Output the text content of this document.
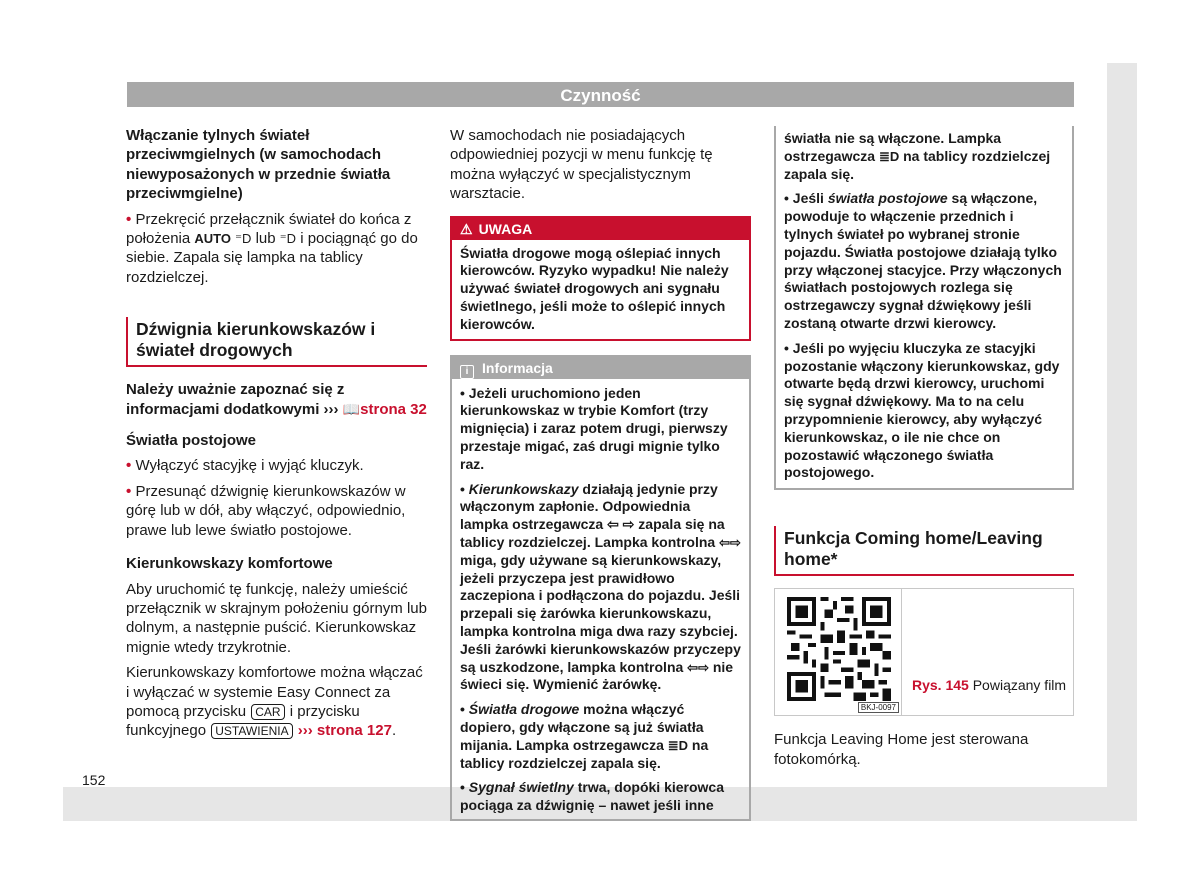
Czynność

Włączanie tylnych świateł przeciwmgielnych (w samochodach niewyposażonych w przednie światła przeciwmgielne)

• Przekręcić przełącznik świateł do końca z położenia AUTO ⁼D lub ⁼D i pociągnąć go do siebie. Zapala się lampka na tablicy rozdzielczej.

Dźwignia kierunkowskazów i świateł drogowych

Należy uważnie zapoznać się z informacjami dodatkowymi ››› 📖strona 32

Światła postojowe

• Wyłączyć stacyjkę i wyjąć kluczyk.

• Przesunąć dźwignię kierunkowskazów w górę lub w dół, aby włączyć, odpowiednio, prawe lub lewe światło postojowe.

Kierunkowskazy komfortowe

Aby uruchomić tę funkcję, należy umieścić przełącznik w skrajnym położeniu górnym lub dolnym, a następnie puścić. Kierunkowskaz mignie wtedy trzykrotnie.

Kierunkowskazy komfortowe można włączać i wyłączać w systemie Easy Connect za pomocą przycisku CAR i przycisku funkcyjnego USTAWIENIA ››› strona 127.

W samochodach nie posiadających odpowiedniej pozycji w menu funkcję tę można wyłączyć w specjalistycznym warsztacie.

⚠ UWAGA
Światła drogowe mogą oślepiać innych kierowców. Ryzyko wypadku! Nie należy używać świateł drogowych ani sygnału świetlnego, jeśli może to oślepić innych kierowców.
i Informacja

• Jeżeli uruchomiono jeden kierunkowskaz w trybie Komfort (trzy mignięcia) i zaraz potem drugi, pierwszy przestaje migać, zaś drugi mignie tylko raz.

• Kierunkowskazy działają jedynie przy włączonym zapłonie. Odpowiednia lampka ostrzegawcza ⇦ ⇨ zapala się na tablicy rozdzielczej. Lampka kontrolna ⇦⇨ miga, gdy używane są kierunkowskazy, jeżeli przyczepa jest prawidłowo zaczepiona i podłączona do pojazdu. Jeśli przepali się żarówka kierunkowskazu, lampka kontrolna miga dwa razy szybciej. Jeśli żarówki kierunkowskazów przyczepy są uszkodzone, lampka kontrolna ⇦⇨ nie świeci się. Wymienić żarówkę.

• Światła drogowe można włączyć dopiero, gdy włączone są już światła mijania. Lampka ostrzegawcza ≣D na tablicy rozdzielczej zapala się.

• Sygnał świetlny trwa, dopóki kierowca pociąga za dźwignię – nawet jeśli inne

światła nie są włączone. Lampka ostrzegawcza ≣D na tablicy rozdzielczej zapala się.

• Jeśli światła postojowe są włączone, powoduje to włączenie przednich i tylnych świateł po wybranej stronie pojazdu. Światła postojowe działają tylko przy włączonej stacyjce. Przy włączonych światłach postojowych rozlega się ostrzegawczy sygnał dźwiękowy jeśli zostaną otwarte drzwi kierowcy.

• Jeśli po wyjęciu kluczyka ze stacyjki pozostanie włączony kierunkowskaz, gdy otwarte będą drzwi kierowcy, uruchomi się sygnał dźwiękowy. Ma to na celu przypomnienie kierowcy, aby wyłączyć kierunkowskaz, o ile nie chce on pozostawić włączonego światła postojowego.

Funkcja Coming home/Leaving home*
BKJ-0097
Rys. 145 Powiązany film

Funkcja Leaving Home jest sterowana fotokomórką.

152
